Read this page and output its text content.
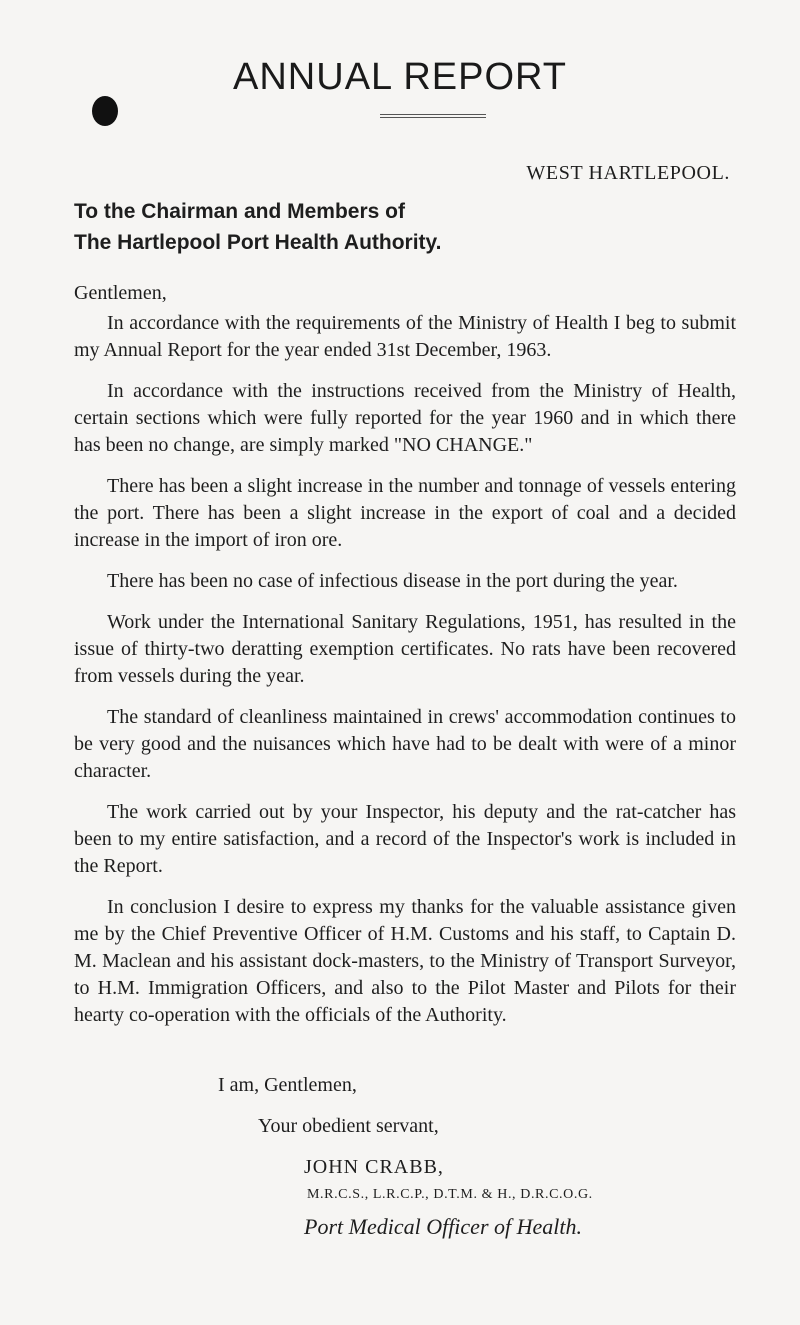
ANNUAL REPORT
WEST HARTLEPOOL.
To the Chairman and Members of
The Hartlepool Port Health Authority.
Gentlemen,

In accordance with the requirements of the Ministry of Health I beg to submit my Annual Report for the year ended 31st December, 1963.

In accordance with the instructions received from the Ministry of Health, certain sections which were fully reported for the year 1960 and in which there has been no change, are simply marked "NO CHANGE."

There has been a slight increase in the number and tonnage of vessels entering the port. There has been a slight increase in the export of coal and a decided increase in the import of iron ore.

There has been no case of infectious disease in the port during the year.

Work under the International Sanitary Regulations, 1951, has resulted in the issue of thirty-two deratting exemption certificates. No rats have been recovered from vessels during the year.

The standard of cleanliness maintained in crews' accommodation continues to be very good and the nuisances which have had to be dealt with were of a minor character.

The work carried out by your Inspector, his deputy and the rat-catcher has been to my entire satisfaction, and a record of the Inspector's work is included in the Report.

In conclusion I desire to express my thanks for the valuable assistance given me by the Chief Preventive Officer of H.M. Customs and his staff, to Captain D. M. Maclean and his assistant dock-masters, to the Ministry of Transport Surveyor, to H.M. Immigration Officers, and also to the Pilot Master and Pilots for their hearty co-operation with the officials of the Authority.

I am, Gentlemen,
Your obedient servant,
JOHN CRABB,
M.R.C.S., L.R.C.P., D.T.M. & H., D.R.C.O.G.
Port Medical Officer of Health.
